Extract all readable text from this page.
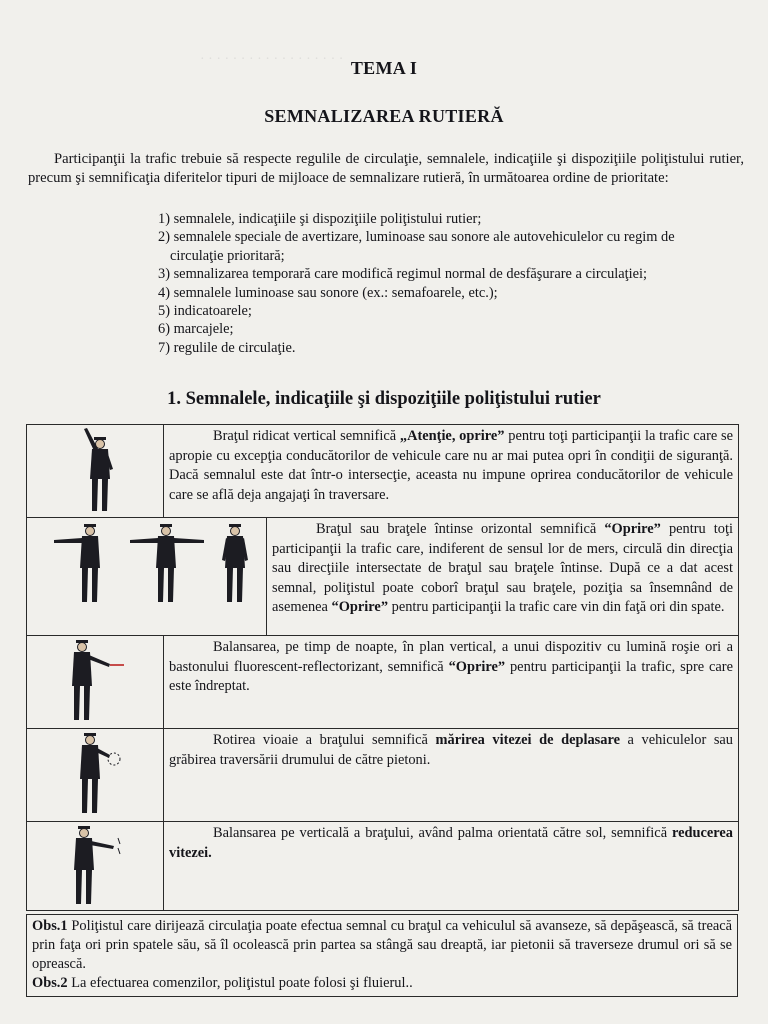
· · · · · · · · · · · · · · · · · · TEMA I
SEMNALIZAREA RUTIERĂ
Participanţii la trafic trebuie să respecte regulile de circulaţie, semnalele, indicaţiile şi dispoziţiile poliţistului rutier, precum şi semnificaţia diferitelor tipuri de mijloace de semnalizare rutieră, în următoarea ordine de prioritate:
1) semnalele, indicaţiile şi dispoziţiile poliţistului rutier;
2) semnalele speciale de avertizare, luminoase sau sonore ale autovehiculelor cu regim de
circulaţie prioritară;
3) semnalizarea temporară care modifică regimul normal de desfăşurare a circulaţiei;
4) semnalele luminoase sau sonore (ex.: semafoarele, etc.);
5) indicatoarele;
6) marcajele;
7) regulile de circulaţie.
1. Semnalele, indicaţiile şi dispoziţiile poliţistului rutier
	Braţul ridicat vertical semnifică „Atenţie, oprire” pentru toţi participanţii la trafic care se apropie cu excepţia conducătorilor de vehicule care nu ar mai putea opri în condiţii de siguranţă. Dacă semnalul este dat într-o intersecţie, aceasta nu impune oprirea conducătorilor de vehicule care se află deja angajaţi în traversare.	

	Braţul sau braţele întinse orizontal semnifică “Oprire” pentru toţi participanţii la trafic care, indiferent de sensul lor de mers, circulă din direcţia sau direcţiile intersectate de braţul sau braţele întinse. După ce a dat acest semnal, poliţistul poate coborî braţul sau braţele, poziţia sa însemnând de asemenea “Oprire” pentru participanţii la trafic care vin din faţă ori din spate.

	Balansarea, pe timp de noapte, în plan vertical, a unui dispozitiv cu lumină roşie ori a bastonului fluorescent-reflectorizant, semnifică “Oprire” pentru participanţii la trafic, spre care este îndreptat.	

	Rotirea vioaie a braţului semnifică mărirea vitezei de deplasare a vehiculelor sau grăbirea traversării drumului de către pietoni.	

	Balansarea pe verticală a braţului, având palma orientată către sol, semnifică reducerea vitezei.	
Obs.1 Poliţistul care dirijează circulaţia poate efectua semnal cu braţul ca vehiculul să avanseze, să depăşească, să treacă prin faţa ori prin spatele său, să îl ocolească prin partea sa stângă sau dreaptă, iar pietonii să traverseze drumul ori să se oprească.
Obs.2 La efectuarea comenzilor, poliţistul poate folosi şi fluierul..
